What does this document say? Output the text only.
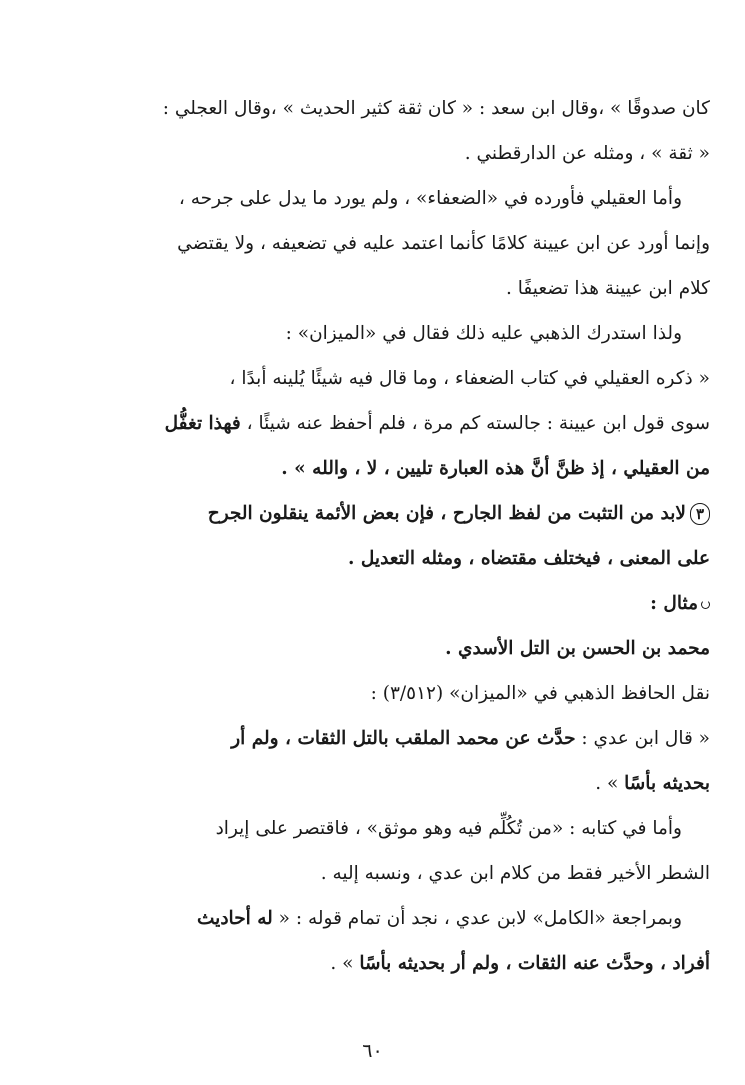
كان صدوقًا » ،وقال ابن سعد : « كان ثقة كثير الحديث » ،وقال العجلي :
« ثقة » ، ومثله عن الدارقطني .
وأما العقيلي فأورده في «الضعفاء» ، ولم يورد ما يدل على جرحه ،
وإنما أورد عن ابن عيينة كلامًا كأنما اعتمد عليه في تضعيفه ، ولا يقتضي
كلام ابن عيينة هذا تضعيفًا .
ولذا استدرك الذهبي عليه ذلك فقال في «الميزان» :
« ذكره العقيلي في كتاب الضعفاء ، وما قال فيه شيئًا يُلينه أبدًا ،
سوى قول ابن عيينة : جالسته كم مرة ، فلم أحفظ عنه شيئًا ، فهذا تغفُّل
من العقيلي ، إذ ظنَّ أنَّ هذه العبارة تليين ، لا ، والله » .
٣لابد من التثبت من لفظ الجارح ، فإن بعض الأئمة ينقلون الجرح
على المعنى ، فيختلف مقتضاه ، ومثله التعديل .
مثال :
محمد بن الحسن بن التل الأسدي .
نقل الحافظ الذهبي في «الميزان» (٣/٥١٢) :
« قال ابن عدي : حدَّث عن محمد الملقب بالتل الثقات ، ولم أر
بحديثه بأسًا » .
وأما في كتابه : «من تُكُلِّم فيه وهو موثق» ، فاقتصر على إيراد
الشطر الأخير فقط من كلام ابن عدي ، ونسبه إليه .
وبمراجعة «الكامل» لابن عدي ، نجد أن تمام قوله : « له أحاديث
أفراد ، وحدَّث عنه الثقات ، ولم أر بحديثه بأسًا » .
٦٠
